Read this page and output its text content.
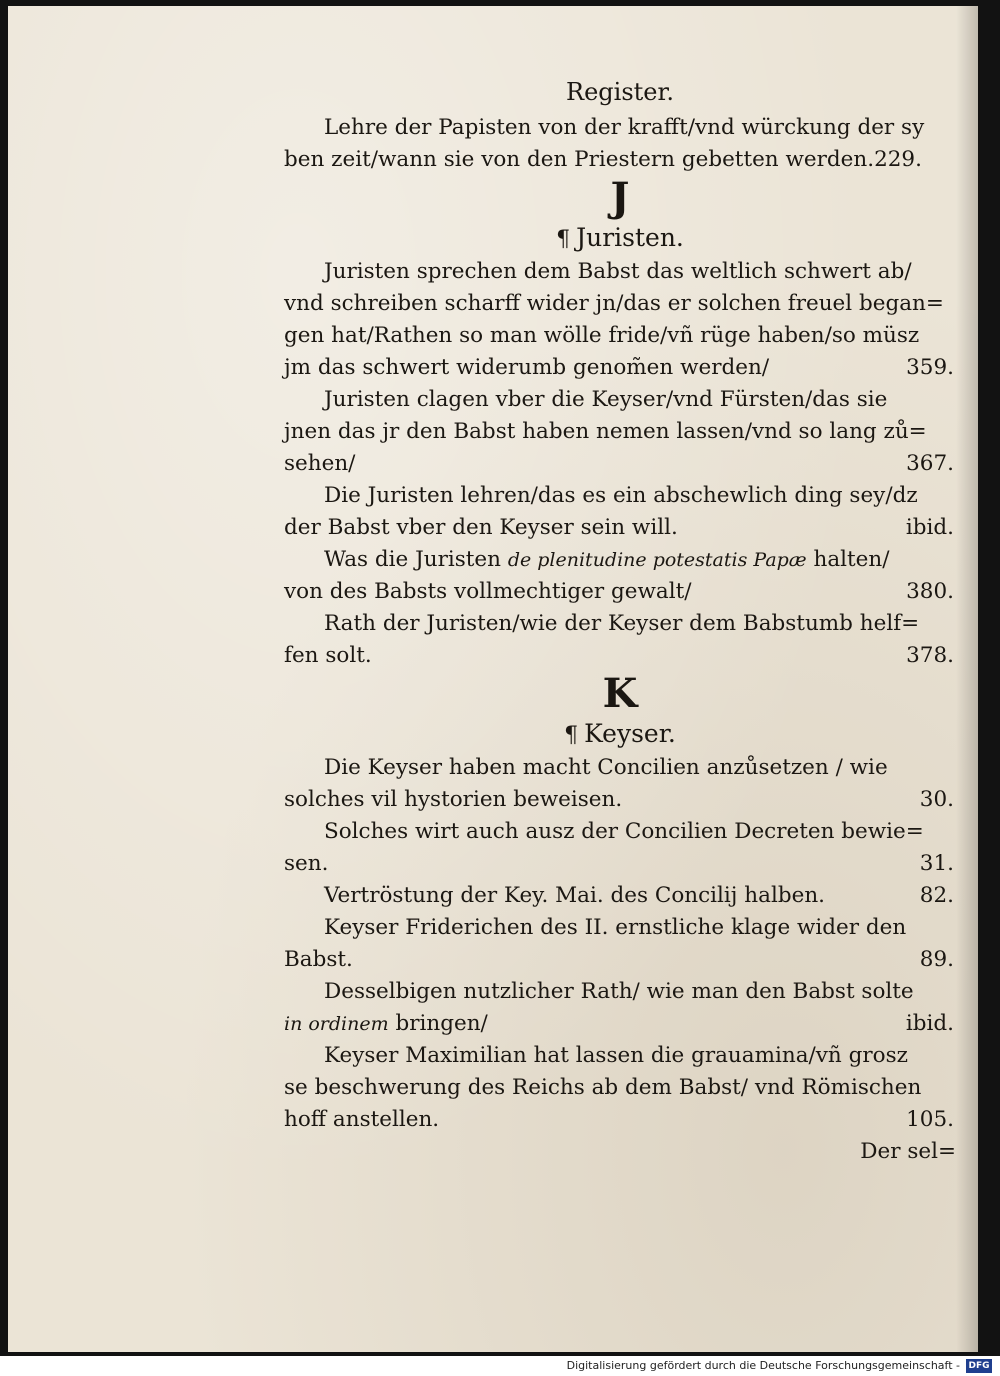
Register.
Lehre der Papisten von der krafft/vnd würckung der sy
ben zeit/wann sie von den Priestern gebetten werden.229.
J
¶ Juristen.
Juristen sprechen dem Babst das weltlich schwert ab/
vnd schreiben scharff wider jn/das er solchen freuel began=
gen hat/Rathen so man wölle fride/vñ rüge haben/so müsz
jm das schwert widerumb genom̃en werden/	359.
Juristen clagen vber die Keyser/vnd Fürsten/das sie
jnen das jr den Babst haben nemen lassen/vnd so lang zů=
sehen/	367.
Die Juristen lehren/das es ein abschewlich ding sey/dz
der Babst vber den Keyser sein will.	ibid.
Was die Juristen de plenitudine potestatis Papæ halten/
von des Babsts vollmechtiger gewalt/	380.
Rath der Juristen/wie der Keyser dem Babstumb helf=
fen solt.	378.
K
¶ Keyser.
Die Keyser haben macht Concilien anzůsetzen / wie
solches vil hystorien beweisen.	30.
Solches wirt auch ausz der Concilien Decreten bewie=
sen.	31.
Vertröstung der Key. Mai. des Concilij halben.	82.
Keyser Friderichen des II. ernstliche klage wider den
Babst.	89.
Desselbigen nutzlicher Rath/ wie man den Babst solte
in ordinem bringen/	ibid.
Keyser Maximilian hat lassen die grauamina/vñ grosz
se beschwerung des Reichs ab dem Babst/ vnd Römischen
hoff anstellen.	105.
Der sel=
Digitalisierung gefördert durch die Deutsche Forschungsgemeinschaft - DFG
